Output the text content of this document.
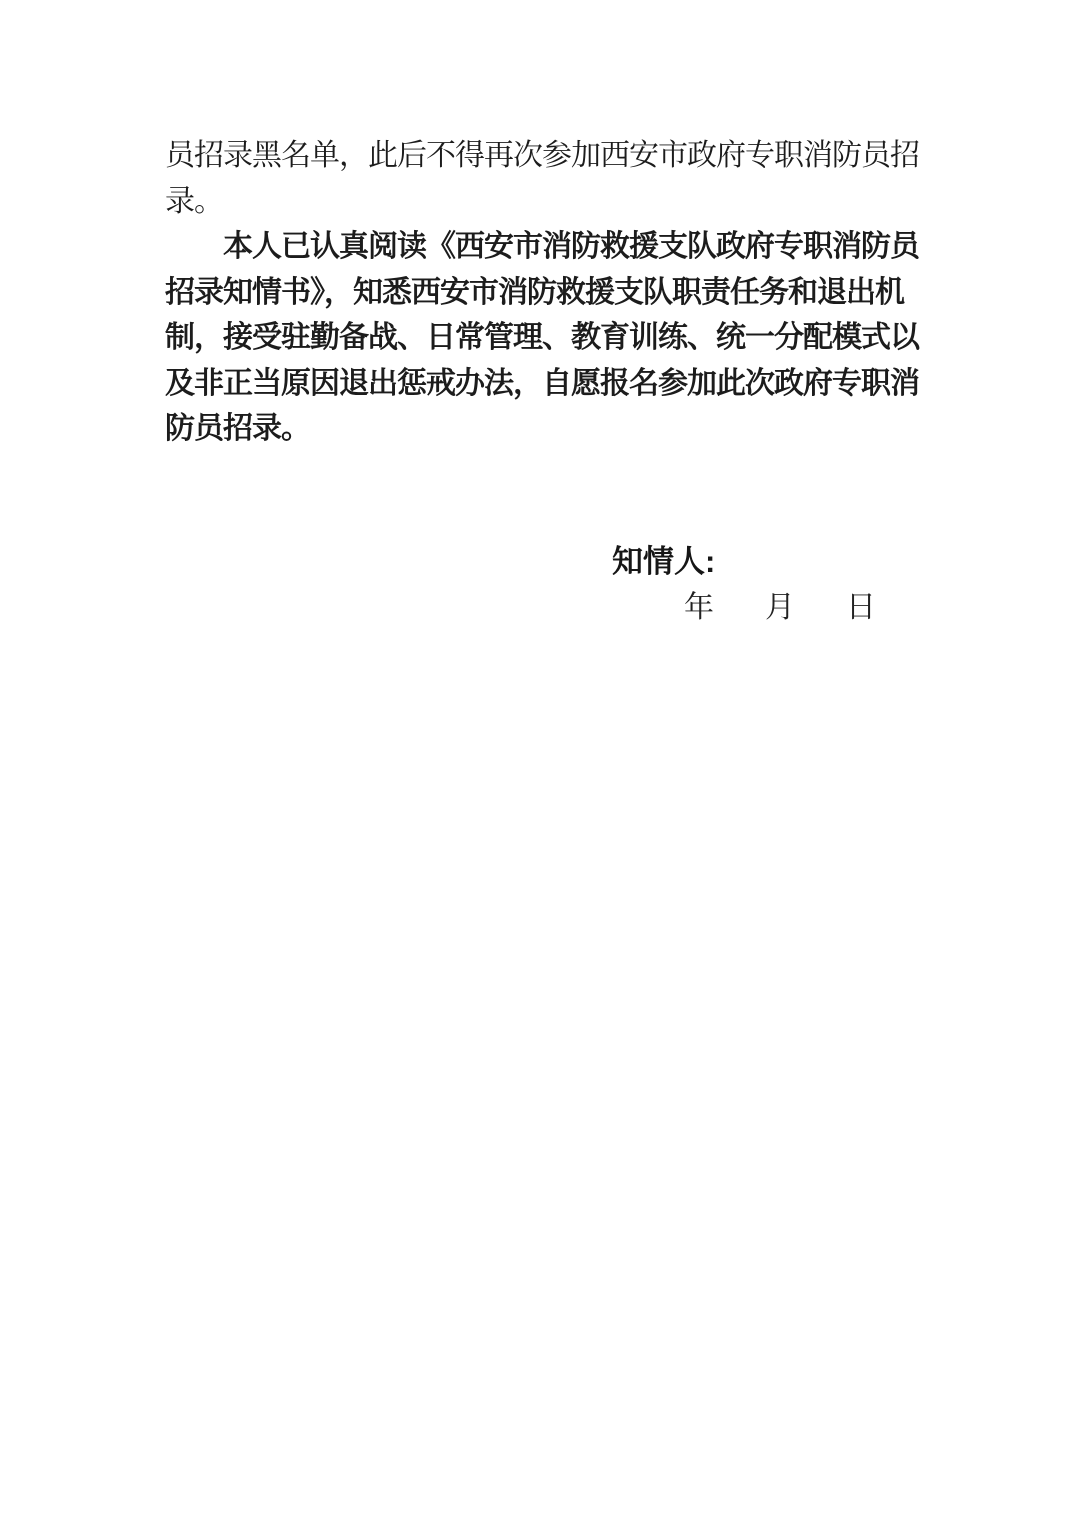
员招录黑名单，此后不得再次参加西安市政府专职消防员招

录。

本人已认真阅读《西安市消防救援支队政府专职消防员

招录知情书》，知悉西安市消防救援支队职责任务和退出机

制，接受驻勤备战、日常管理、教育训练、统一分配模式以

及非正当原因退出惩戒办法，自愿报名参加此次政府专职消

防员招录。

知情人:
年 月 日
